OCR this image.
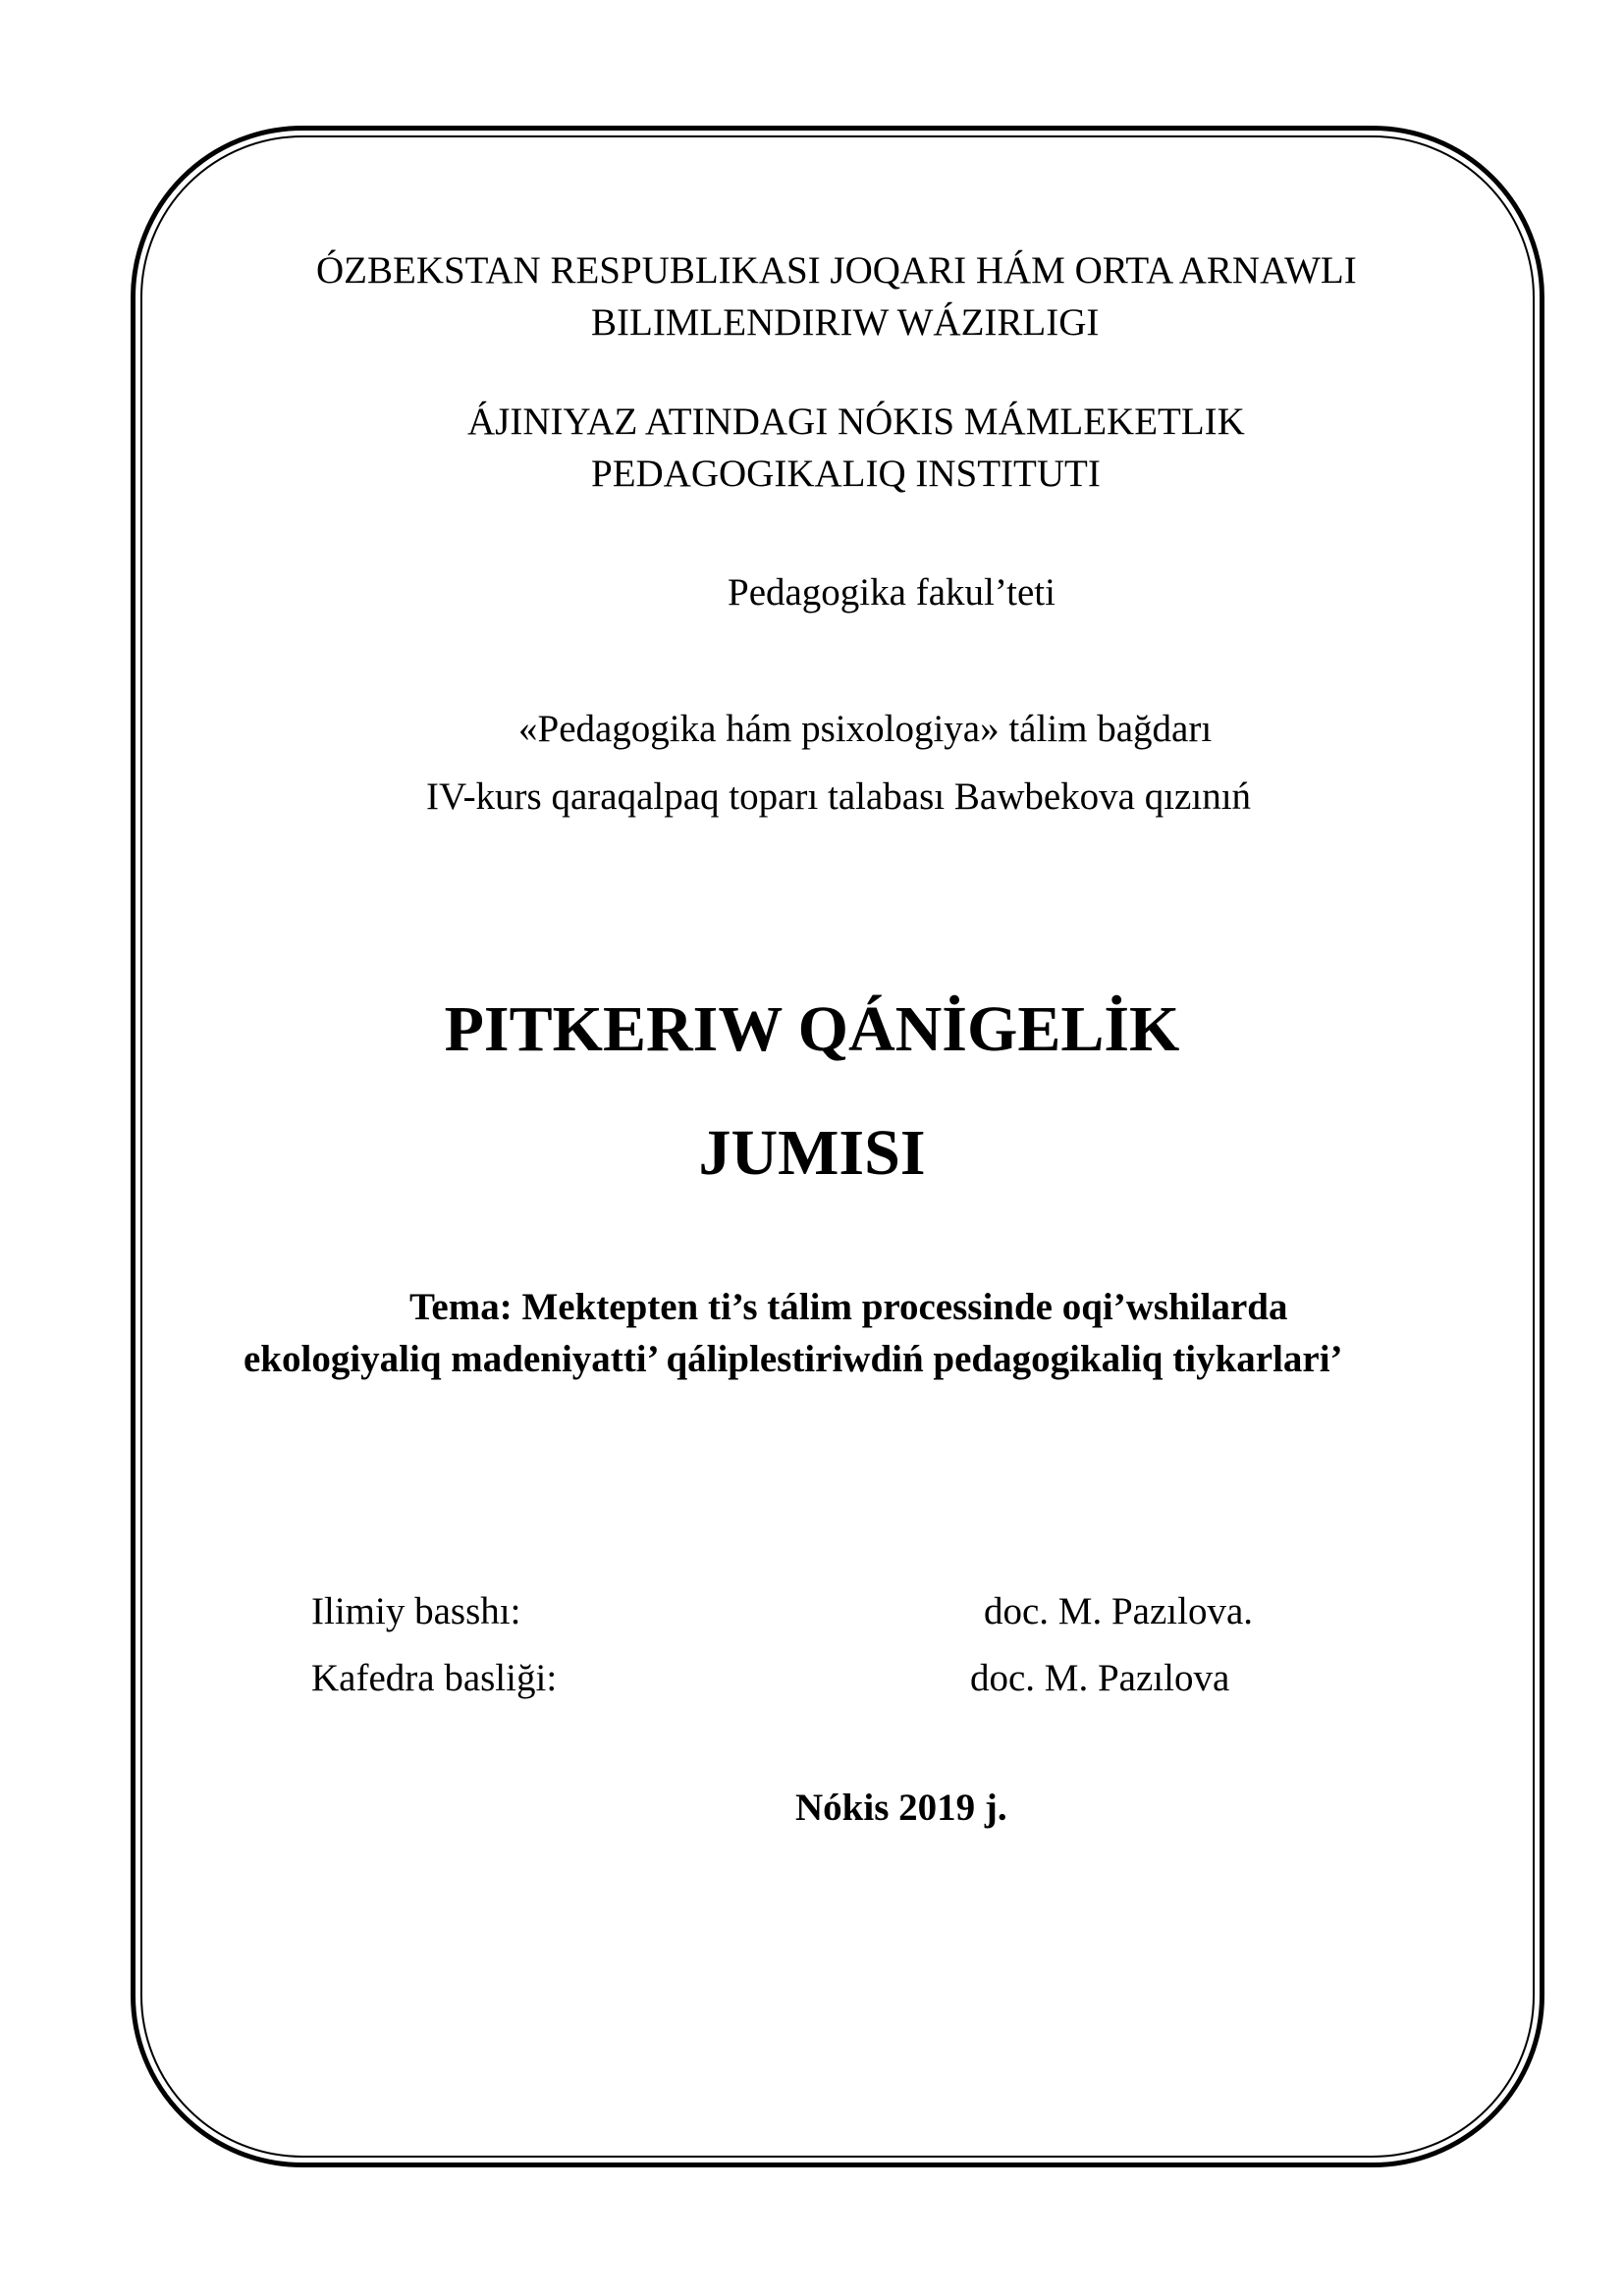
ÓZBEKSTAN RESPUBLIKASI JOQARI HÁM ORTA ARNAWLI
BILIMLENDIRIW WÁZIRLIGI
ÁJINIYAZ ATINDAGI NÓKIS MÁMLEKETLIK
PEDAGOGIKALIQ INSTITUTI
Pedagogika fakul’teti
«Pedagogika hám psixologiya» tálim bağdarı
IV-kurs qaraqalpaq toparı talabası Bawbekova qızınıń
PITKERIW QÁNİGELİK
JUMISI
Tema: Mektepten ti’s tálim processinde oqi’wshilarda
ekologiyaliq madeniyatti’ qáliplestiriwdiń pedagogikaliq tiykarlari’
Ilimiy basshı:	doc. M. Pazılova.
Kafedra basliği:	doc. M. Pazılova
Nókis 2019 j.
